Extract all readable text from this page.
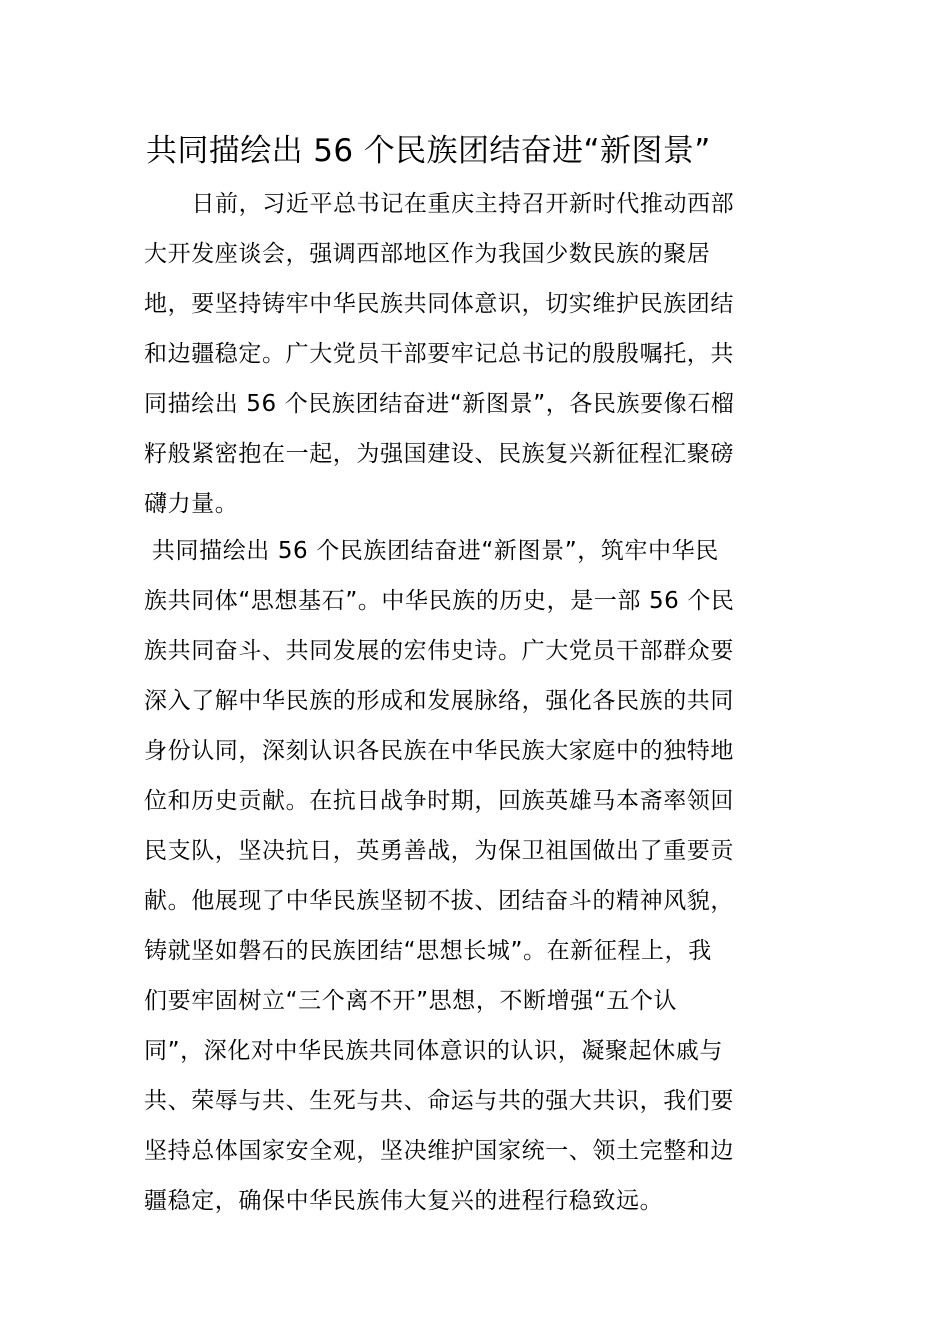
共同描绘出 56 个民族团结奋进“新图景”
日前，习近平总书记在重庆主持召开新时代推动西部
大开发座谈会，强调西部地区作为我国少数民族的聚居
地，要坚持铸牢中华民族共同体意识，切实维护民族团结
和边疆稳定。广大党员干部要牢记总书记的殷殷嘱托，共
同描绘出 56 个民族团结奋进“新图景”，各民族要像石榴
籽般紧密抱在一起，为强国建设、民族复兴新征程汇聚磅
礴力量。
共同描绘出 56 个民族团结奋进“新图景”，筑牢中华民
族共同体“思想基石”。中华民族的历史，是一部 56 个民
族共同奋斗、共同发展的宏伟史诗。广大党员干部群众要
深入了解中华民族的形成和发展脉络，强化各民族的共同
身份认同，深刻认识各民族在中华民族大家庭中的独特地
位和历史贡献。在抗日战争时期，回族英雄马本斋率领回
民支队，坚决抗日，英勇善战，为保卫祖国做出了重要贡
献。他展现了中华民族坚韧不拔、团结奋斗的精神风貌，
铸就坚如磐石的民族团结“思想长城”。在新征程上，我
们要牢固树立“三个离不开”思想，不断增强“五个认
同”，深化对中华民族共同体意识的认识，凝聚起休戚与
共、荣辱与共、生死与共、命运与共的强大共识，我们要
坚持总体国家安全观，坚决维护国家统一、领土完整和边
疆稳定，确保中华民族伟大复兴的进程行稳致远。
